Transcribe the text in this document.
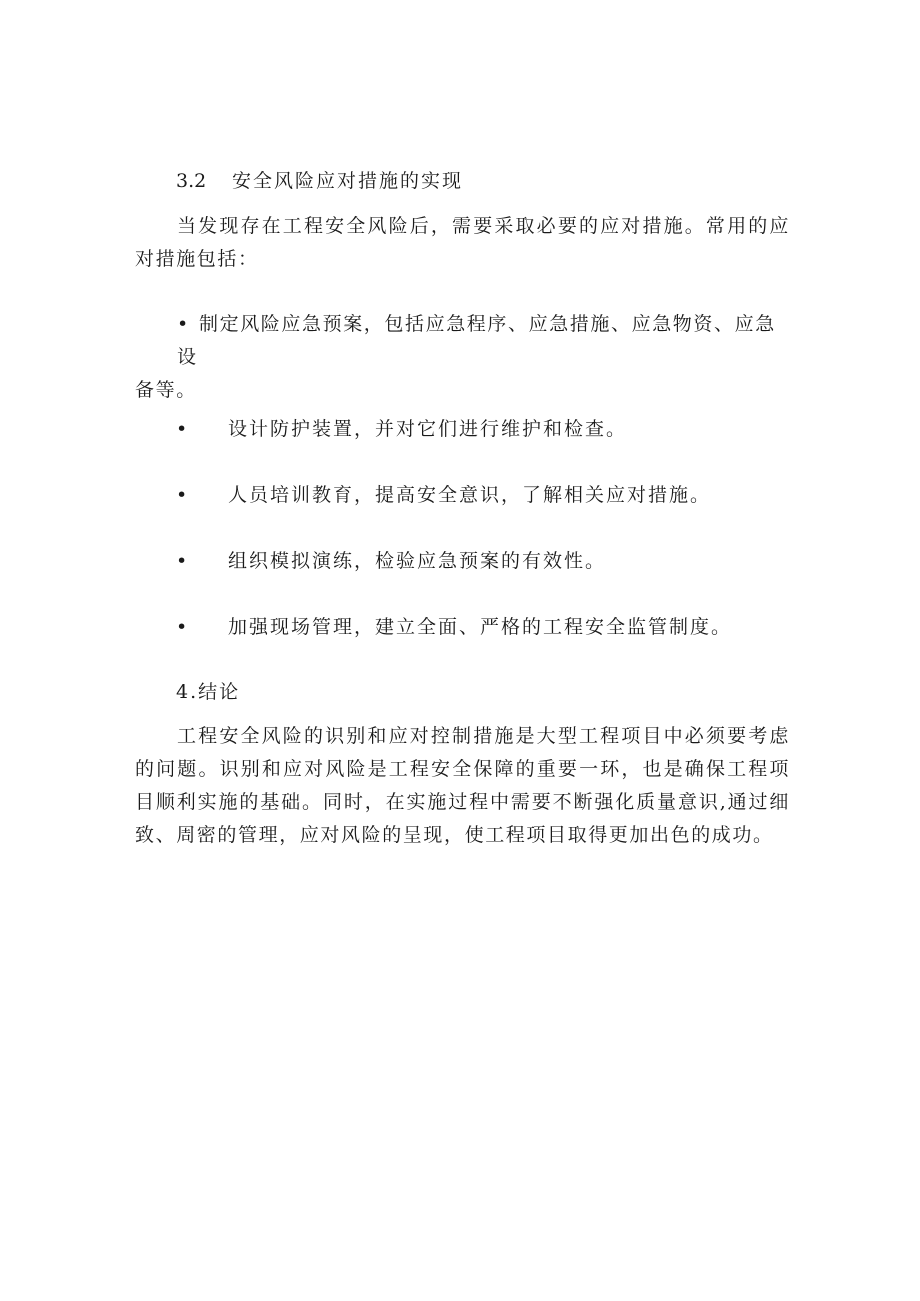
3.2 安全风险应对措施的实现

当发现存在工程安全风险后，需要采取必要的应对措施。常用的应对措施包括：

• 制定风险应急预案，包括应急程序、应急措施、应急物资、应急设
备等。
• 设计防护装置，并对它们进行维护和检查。
• 人员培训教育，提高安全意识，了解相关应对措施。
• 组织模拟演练，检验应急预案的有效性。
• 加强现场管理，建立全面、严格的工程安全监管制度。
4.结论

工程安全风险的识别和应对控制措施是大型工程项目中必须要考虑的问题。识别和应对风险是工程安全保障的重要一环，也是确保工程项目顺利实施的基础。同时，在实施过程中需要不断强化质量意识,通过细致、周密的管理，应对风险的呈现，使工程项目取得更加出色的成功。
